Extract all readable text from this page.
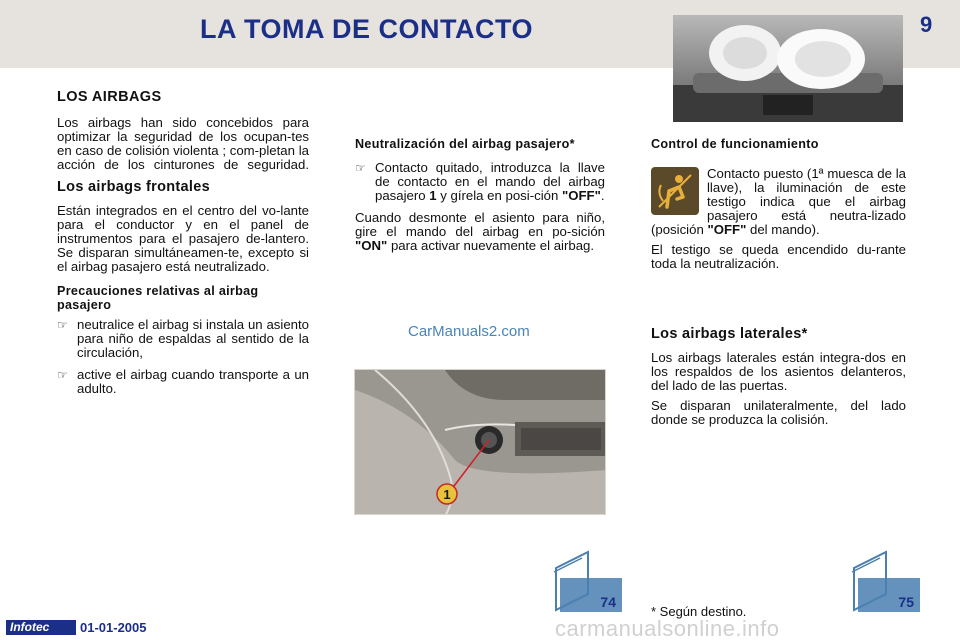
LA TOMA DE CONTACTO	9
LOS AIRBAGS

Los airbags han sido concebidos para optimizar la seguridad de los ocupan-tes en caso de colisión violenta ; com-pletan la acción de los cinturones de seguridad.

Los airbags frontales

Están integrados en el centro del vo-lante para el conductor y en el panel de instrumentos para el pasajero de-lantero. Se disparan simultáneamen-te, excepto si el airbag pasajero está neutralizado.

Precauciones relativas al airbag pasajero
☞ neutralice el airbag si instala un asiento para niño de espaldas al sentido de la circulación,
☞ active el airbag cuando transporte a un adulto.
Neutralización del airbag pasajero*
☞ Contacto quitado, introduzca la llave de contacto en el mando del airbag pasajero 1 y gírela en posi-ción "OFF".

Cuando desmonte el asiento para niño, gire el mando del airbag en po-sición "ON" para activar nuevamente el airbag.

CarManuals2.com
1
Control de funcionamiento

Contacto puesto (1ª muesca de la llave), la iluminación de este testigo indica que el airbag pasajero está neutra-lizado (posición "OFF" del mando).

El testigo se queda encendido du-rante toda la neutralización.

Los airbags laterales*

Los airbags laterales están integra-dos en los respaldos de los asientos delanteros, del lado de las puertas.

Se disparan unilateralmente, del lado donde se produzca la colisión.

74	75
* Según destino.
Infotec	01-01-2005	carmanualsonline.info
